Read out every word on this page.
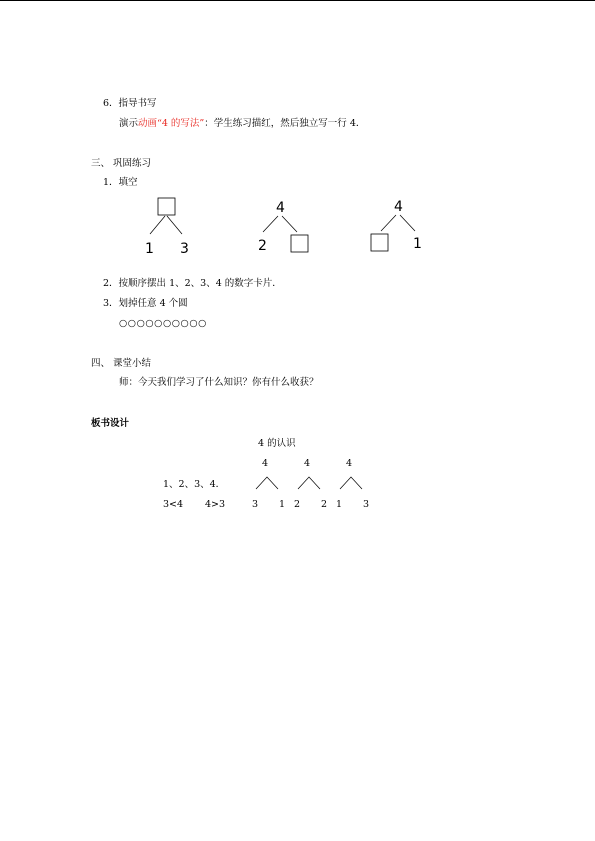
6．指导书写
演示动画“4 的写法”：学生练习描红，然后独立写一行 4．
三、 巩固练习
1．填空
1 3
4
2
4
1
2．按顺序摆出 1、2、3、4 的数字卡片．
3．划掉任意 4 个圆
○○○○○○○○○○
四、 课堂小结
师：今天我们学习了什么知识？你有什么收获？
板书设计
4 的认识
4	4	4
1、2、3、4．
3<4 4>3	3 1 2 2 1 3
